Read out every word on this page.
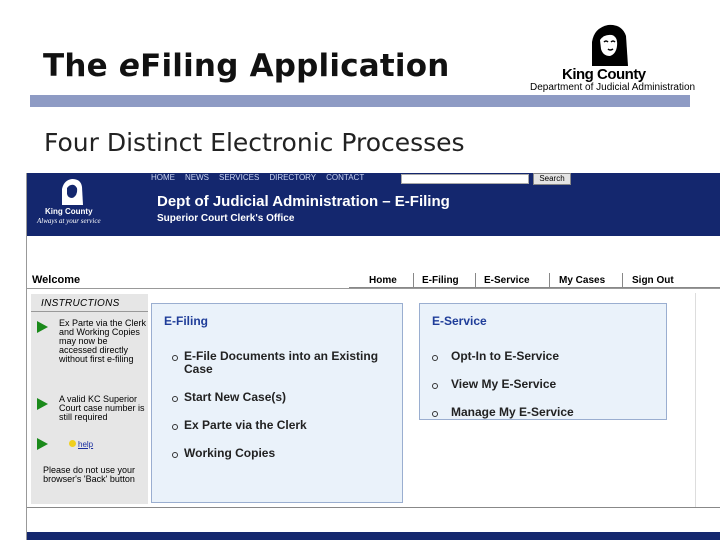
The eFiling Application
Four Distinct Electronic Processes
King County
Department of Judicial Administration
King County
Always at your service
HOME NEWS SERVICES DIRECTORY CONTACT	Search
Dept of Judicial Administration – E-Filing
Superior Court Clerk's Office
Welcome	Home	E-Filing	E-Service	My Cases	Sign Out
INSTRUCTIONS
Ex Parte via the Clerk and Working Copies may now be accessed directly without first e-filing
A valid KC Superior Court case number is still required
help
Please do not use your browser's 'Back' button
E-Filing
E-File Documents into an Existing Case
Start New Case(s)
Ex Parte via the Clerk
Working Copies
E-Service
Opt-In to E-Service
View My E-Service
Manage My E-Service
